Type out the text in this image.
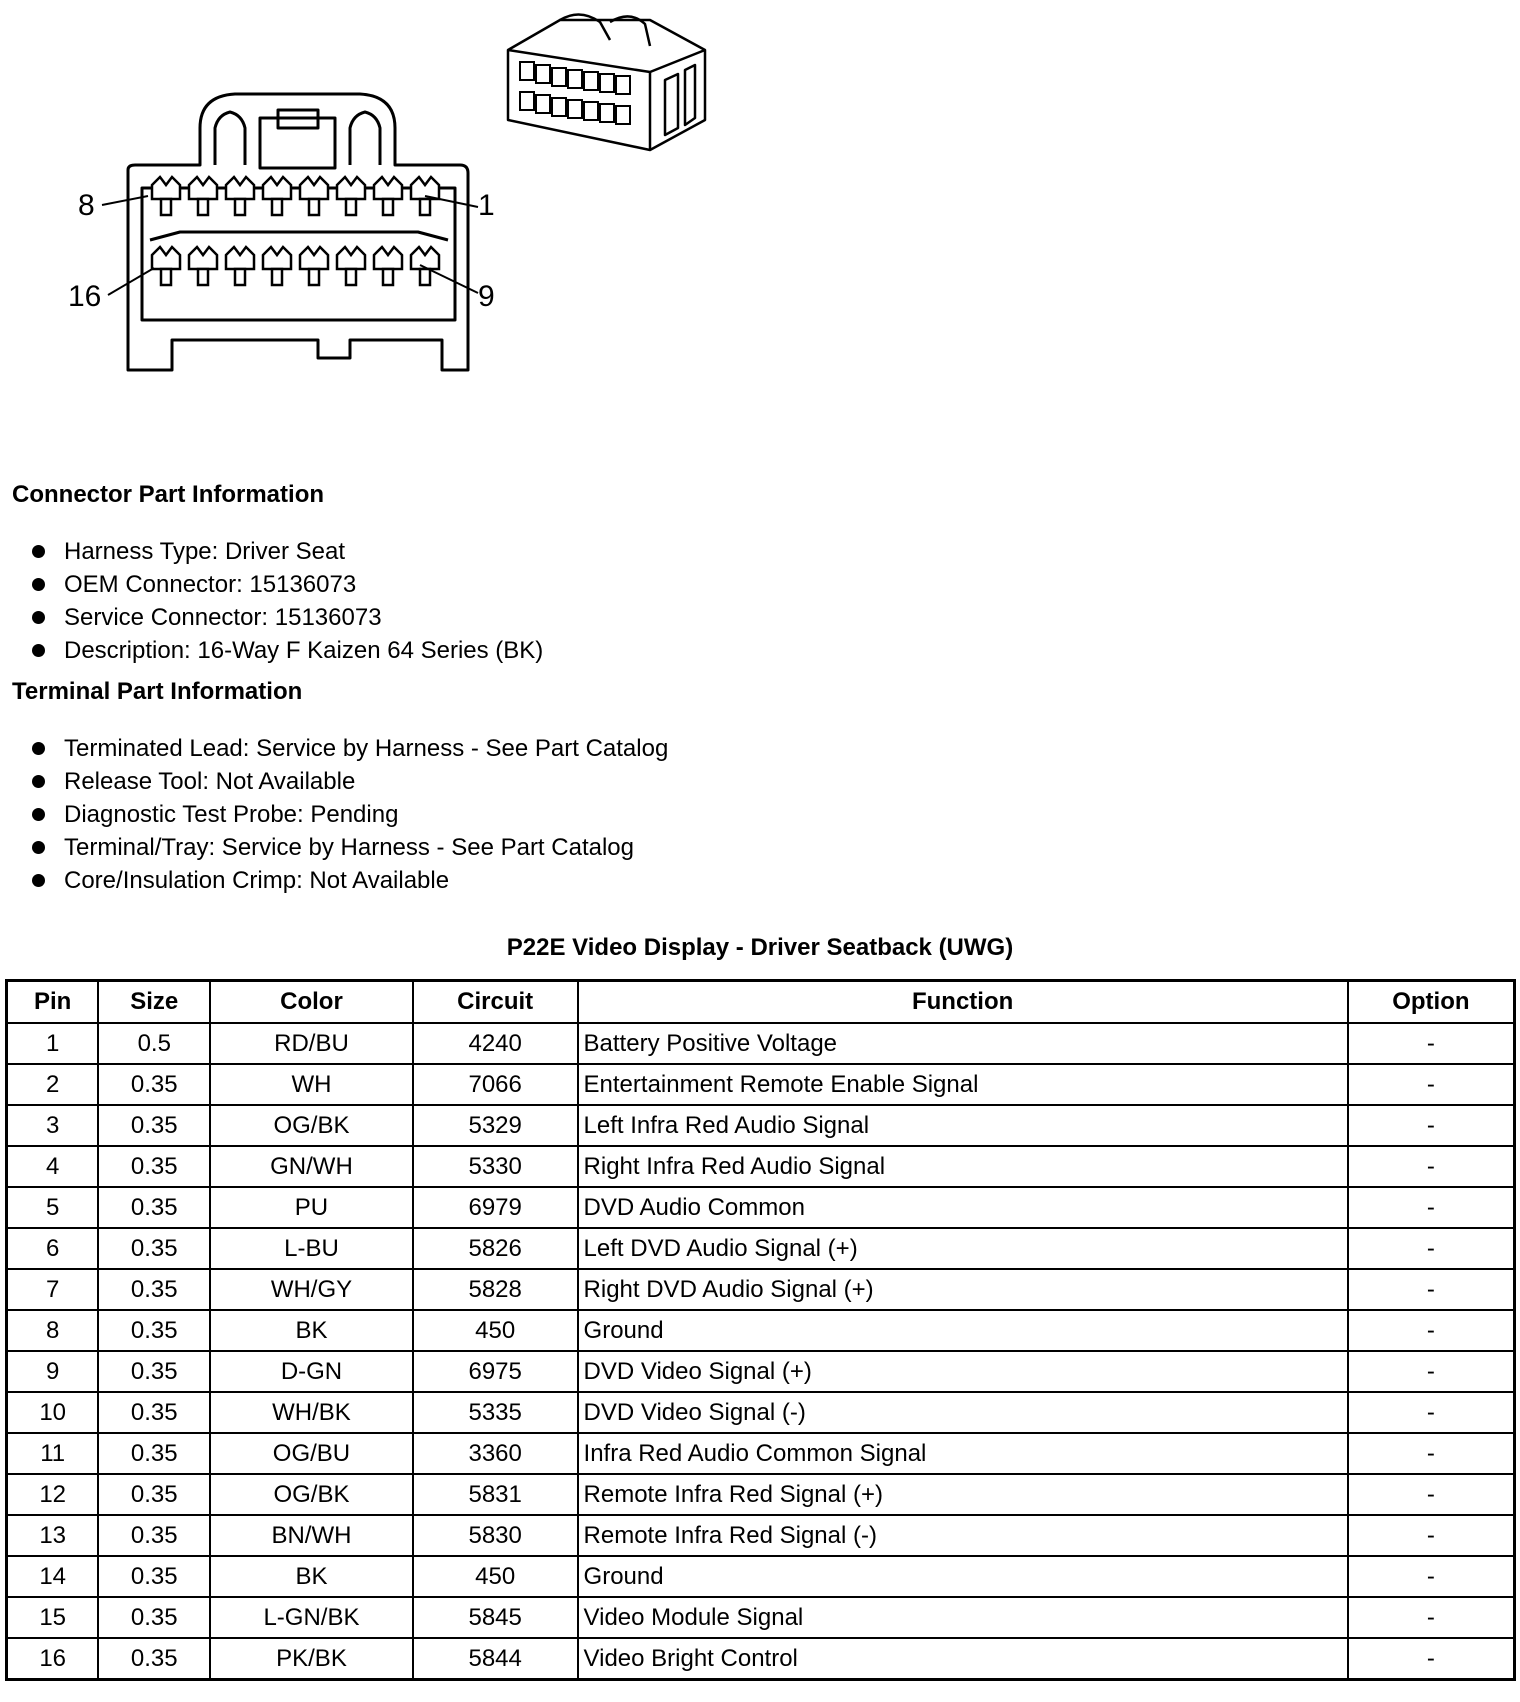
8	1
16	9
Connector Part Information
Harness Type: Driver Seat
OEM Connector: 15136073
Service Connector: 15136073
Description: 16-Way F Kaizen 64 Series (BK)
Terminal Part Information
Terminated Lead: Service by Harness - See Part Catalog
Release Tool: Not Available
Diagnostic Test Probe: Pending
Terminal/Tray: Service by Harness - See Part Catalog
Core/Insulation Crimp: Not Available
P22E Video Display - Driver Seatback (UWG)
Pin	Size	Color	Circuit	Function	Option
1	0.5	RD/BU	4240	Battery Positive Voltage	-
2	0.35	WH	7066	Entertainment Remote Enable Signal	-
3	0.35	OG/BK	5329	Left Infra Red Audio Signal	-
4	0.35	GN/WH	5330	Right Infra Red Audio Signal	-
5	0.35	PU	6979	DVD Audio Common	-
6	0.35	L-BU	5826	Left DVD Audio Signal (+)	-
7	0.35	WH/GY	5828	Right DVD Audio Signal (+)	-
8	0.35	BK	450	Ground	-
9	0.35	D-GN	6975	DVD Video Signal (+)	-
10	0.35	WH/BK	5335	DVD Video Signal (-)	-
11	0.35	OG/BU	3360	Infra Red Audio Common Signal	-
12	0.35	OG/BK	5831	Remote Infra Red Signal (+)	-
13	0.35	BN/WH	5830	Remote Infra Red Signal (-)	-
14	0.35	BK	450	Ground	-
15	0.35	L-GN/BK	5845	Video Module Signal	-
16	0.35	PK/BK	5844	Video Bright Control	-
